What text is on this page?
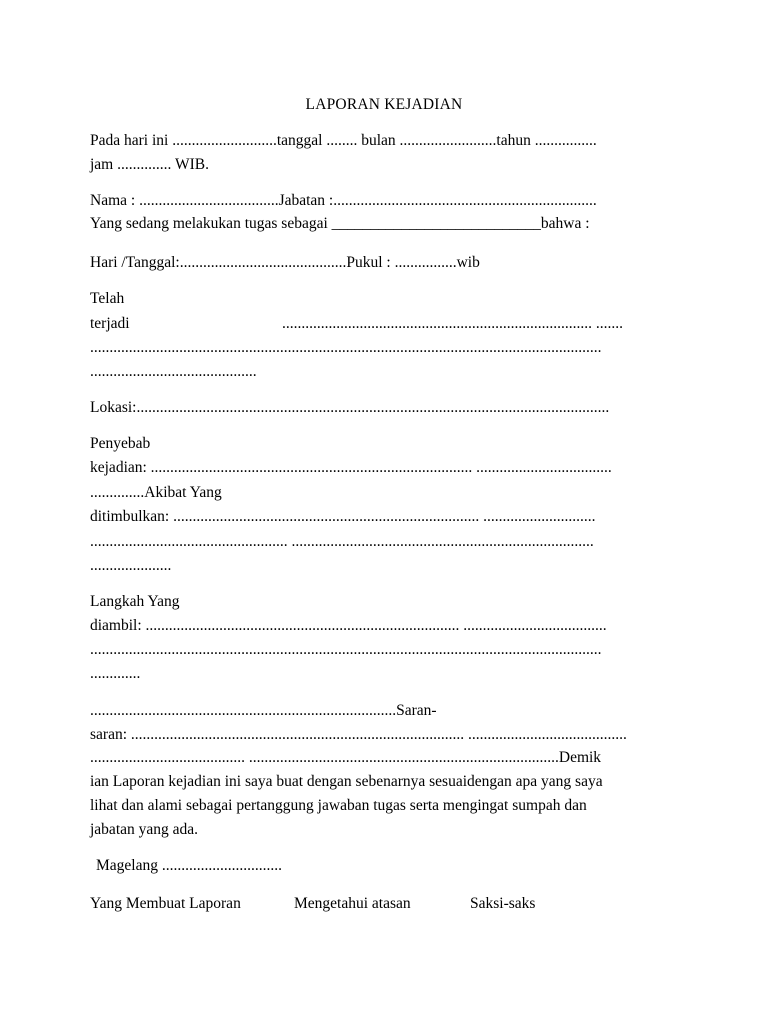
LAPORAN KEJADIAN
Pada hari ini ...........................tanggal ........ bulan .........................tahun ................
jam .............. WIB.
Nama : ....................................Jabatan :....................................................................
Yang sedang melakukan tugas sebagai ___________________________bahwa :
Hari /Tanggal:...........................................Pukul : ................wib
Telah
terjadi	................................................................................ .......
....................................................................................................................................
...........................................
Lokasi:..........................................................................................................................
Penyebab
kejadian: ................................................................................... ...................................
..............Akibat Yang
ditimbulkan: ............................................................................... .............................
................................................... ..............................................................................
.....................
Langkah Yang
diambil: ................................................................................. .....................................
....................................................................................................................................
.............
...............................................................................Saran-
saran: ...................................................................................... .........................................
........................................ ................................................................................Demik
ian Laporan kejadian ini saya buat dengan sebenarnya sesuaidengan apa yang saya
lihat dan alami sebagai pertanggung jawaban tugas serta mengingat sumpah dan
jabatan yang ada.
Magelang ...............................
Yang Membuat Laporan	Mengetahui atasan	Saksi-saks
